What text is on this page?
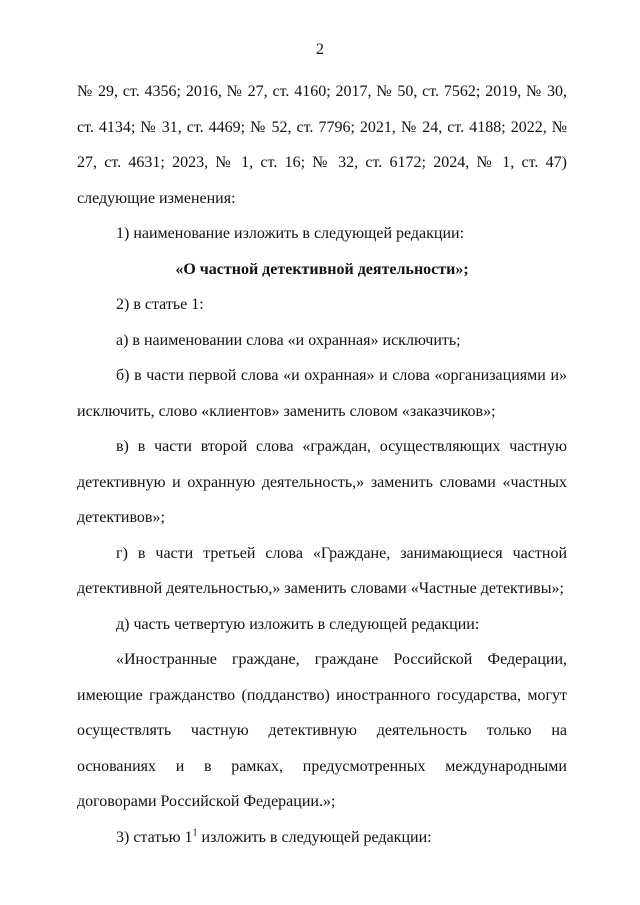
2

№ 29, ст. 4356; 2016, № 27, ст. 4160; 2017, № 50, ст. 7562; 2019, № 30, ст. 4134; № 31, ст. 4469; № 52, ст. 7796; 2021, № 24, ст. 4188; 2022, № 27, ст. 4631; 2023, № 1, ст. 16; № 32, ст. 6172; 2024, № 1, ст. 47) следующие изменения:

1) наименование изложить в следующей редакции:

«О частной детективной деятельности»;

2) в статье 1:

а) в наименовании слова «и охранная» исключить;

б) в части первой слова «и охранная» и слова «организациями и» исключить, слово «клиентов» заменить словом «заказчиков»;

в) в части второй слова «граждан, осуществляющих частную детективную и охранную деятельность,» заменить словами «частных детективов»;

г) в части третьей слова «Граждане, занимающиеся частной детективной деятельностью,» заменить словами «Частные детективы»;

д) часть четвертую изложить в следующей редакции:

«Иностранные граждане, граждане Российской Федерации, имеющие гражданство (подданство) иностранного государства, могут осуществлять частную детективную деятельность только на основаниях и в рамках, предусмотренных международными договорами Российской Федерации.»;

3) статью $1^1$ изложить в следующей редакции:
